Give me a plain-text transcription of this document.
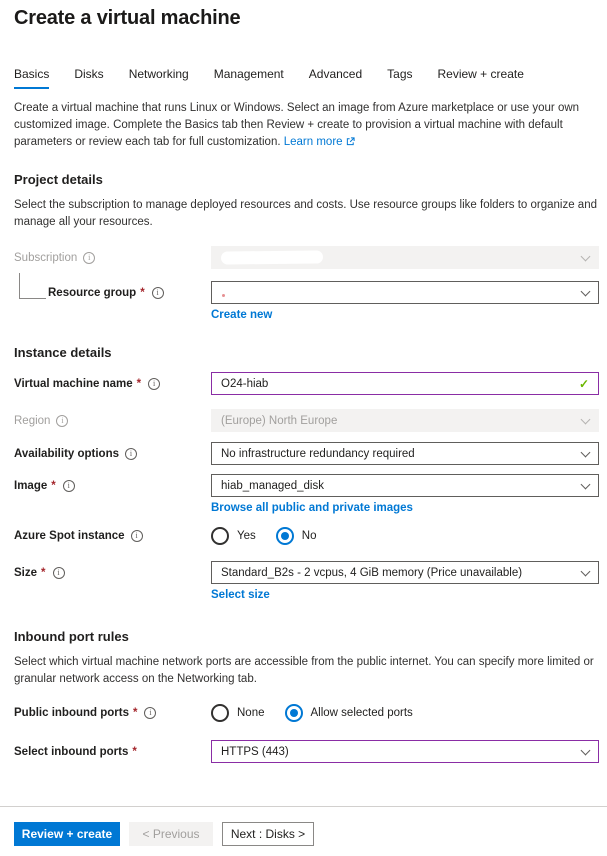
Create a virtual machine
Basics Disks Networking Management Advanced Tags Review + create
Create a virtual machine that runs Linux or Windows. Select an image from Azure marketplace or use your own customized image. Complete the Basics tab then Review + create to provision a virtual machine with default parameters or review each tab for full customization. Learn more
Project details
Select the subscription to manage deployed resources and costs. Use resource groups like folders to organize and manage all your resources.
Subscription	i
Resource group *	i
Create new
Instance details
Virtual machine name *	i
O24-hiab	✓
Region	i	(Europe) North Europe
Availability options	i	No infrastructure redundancy required
Image *	i	hiab_managed_disk
Browse all public and private images
Azure Spot instance	i	Yes	No
Size *	i	Standard_B2s - 2 vcpus, 4 GiB memory (Price unavailable)
Select size
Inbound port rules
Select which virtual machine network ports are accessible from the public internet. You can specify more limited or granular network access on the Networking tab.
Public inbound ports *	i	None	Allow selected ports
Select inbound ports *	HTTPS (443)
Review + create	< Previous	Next : Disks >
